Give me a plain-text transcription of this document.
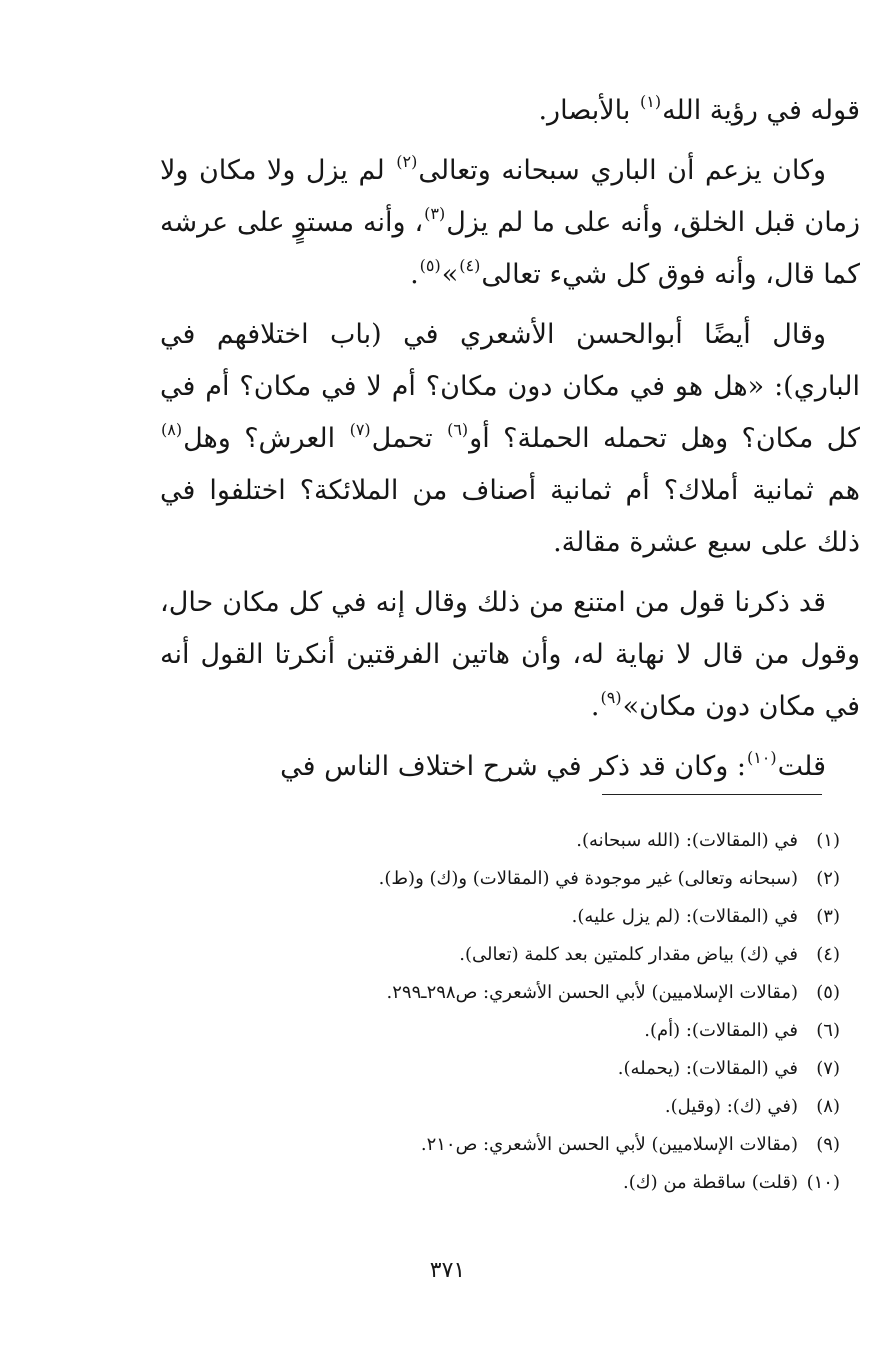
قوله في رؤية الله$^{(١)}$ بالأبصار.

وكان يزعم أن الباري سبحانه وتعالى$^{(٢)}$ لم يزل ولا مكان ولا زمان قبل الخلق، وأنه على ما لم يزل$^{(٣)}$، وأنه مستوٍ على عرشه كما قال، وأنه فوق كل شيء تعالى$^{(٤)}$»$^{(٥)}$.

وقال أيضًا أبوالحسن الأشعري في (باب اختلافهم في الباري): «هل هو في مكان دون مكان؟ أم لا في مكان؟ أم في كل مكان؟ وهل تحمله الحملة؟ أو$^{(٦)}$ تحمل$^{(٧)}$ العرش؟ وهل$^{(٨)}$ هم ثمانية أملاك؟ أم ثمانية أصناف من الملائكة؟ اختلفوا في ذلك على سبع عشرة مقالة.

قد ذكرنا قول من امتنع من ذلك وقال إنه في كل مكان حال، وقول من قال لا نهاية له، وأن هاتين الفرقتين أنكرتا القول أنه في مكان دون مكان»$^{(٩)}$.

قلت$^{(١٠)}$: وكان قد ذكر في شرح اختلاف الناس في

(١)في (المقالات): (الله سبحانه).
(٢)(سبحانه وتعالى) غير موجودة في (المقالات) و(ك) و(ط).
(٣)في (المقالات): (لم يزل عليه).
(٤)في (ك) بياض مقدار كلمتين بعد كلمة (تعالى).
(٥)(مقالات الإسلاميين) لأبي الحسن الأشعري: ص٢٩٨ـ٢٩٩.
(٦)في (المقالات): (أم).
(٧)في (المقالات): (يحمله).
(٨)(في (ك): (وقيل).
(٩)(مقالات الإسلاميين) لأبي الحسن الأشعري: ص٢١٠.
(١٠)(قلت) ساقطة من (ك).
٣٧١
